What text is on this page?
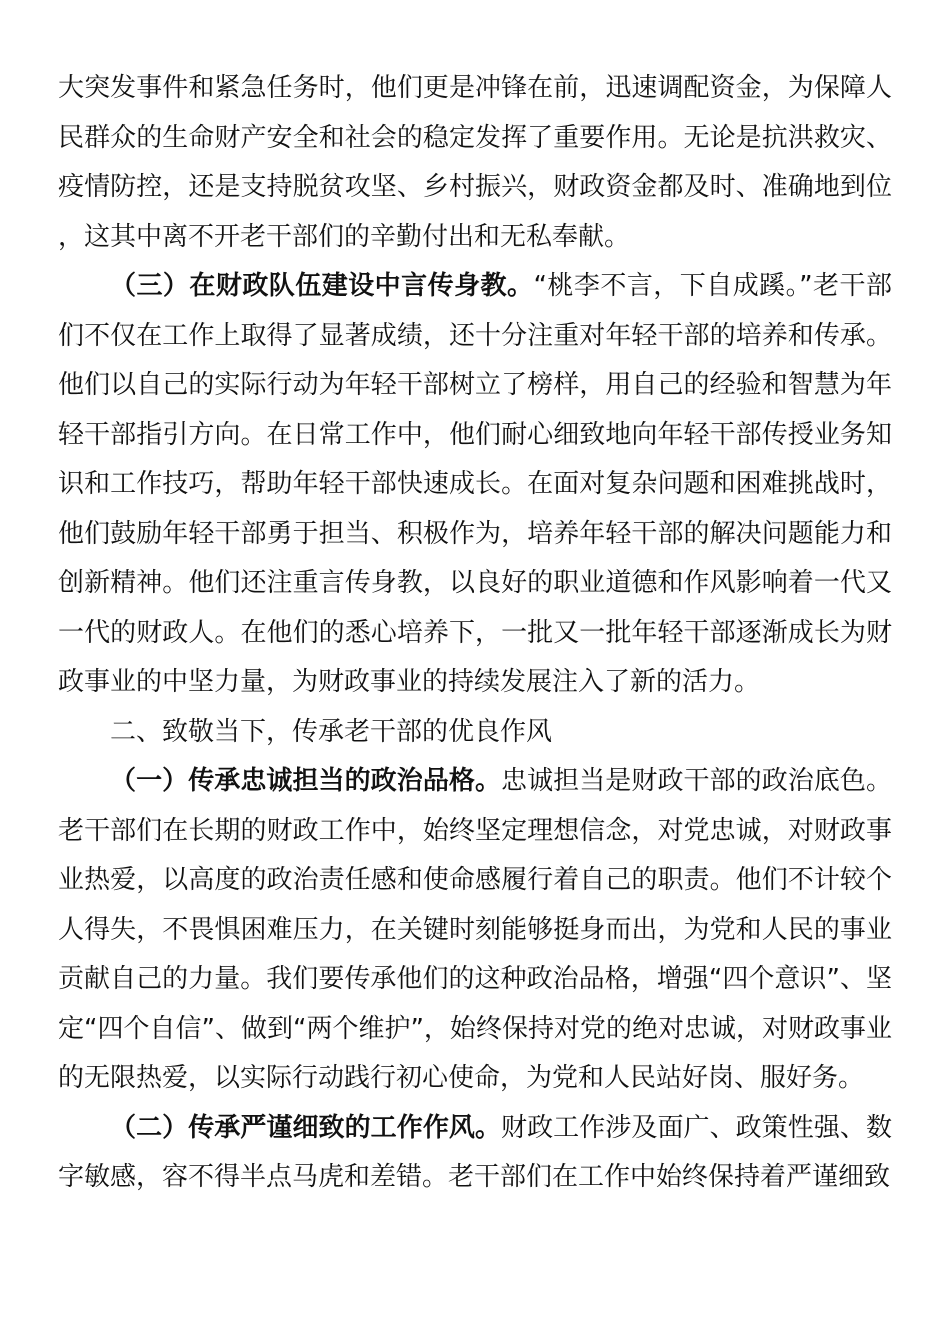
大突发事件和紧急任务时，他们更是冲锋在前，迅速调配资金，为保障人民群众的生命财产安全和社会的稳定发挥了重要作用。无论是抗洪救灾、疫情防控，还是支持脱贫攻坚、乡村振兴，财政资金都及时、准确地到位，这其中离不开老干部们的辛勤付出和无私奉献。

（三）在财政队伍建设中言传身教。“桃李不言，下自成蹊。”老干部们不仅在工作上取得了显著成绩，还十分注重对年轻干部的培养和传承。他们以自己的实际行动为年轻干部树立了榜样，用自己的经验和智慧为年轻干部指引方向。在日常工作中，他们耐心细致地向年轻干部传授业务知识和工作技巧，帮助年轻干部快速成长。在面对复杂问题和困难挑战时，他们鼓励年轻干部勇于担当、积极作为，培养年轻干部的解决问题能力和创新精神。他们还注重言传身教，以良好的职业道德和作风影响着一代又一代的财政人。在他们的悉心培养下，一批又一批年轻干部逐渐成长为财政事业的中坚力量，为财政事业的持续发展注入了新的活力。

二、致敬当下，传承老干部的优良作风

（一）传承忠诚担当的政治品格。忠诚担当是财政干部的政治底色。老干部们在长期的财政工作中，始终坚定理想信念，对党忠诚，对财政事业热爱，以高度的政治责任感和使命感履行着自己的职责。他们不计较个人得失，不畏惧困难压力，在关键时刻能够挺身而出，为党和人民的事业贡献自己的力量。我们要传承他们的这种政治品格，增强“四个意识”、坚定“四个自信”、做到“两个维护”，始终保持对党的绝对忠诚，对财政事业的无限热爱，以实际行动践行初心使命，为党和人民站好岗、服好务。

（二）传承严谨细致的工作作风。财政工作涉及面广、政策性强、数字敏感，容不得半点马虎和差错。老干部们在工作中始终保持着严谨细致
